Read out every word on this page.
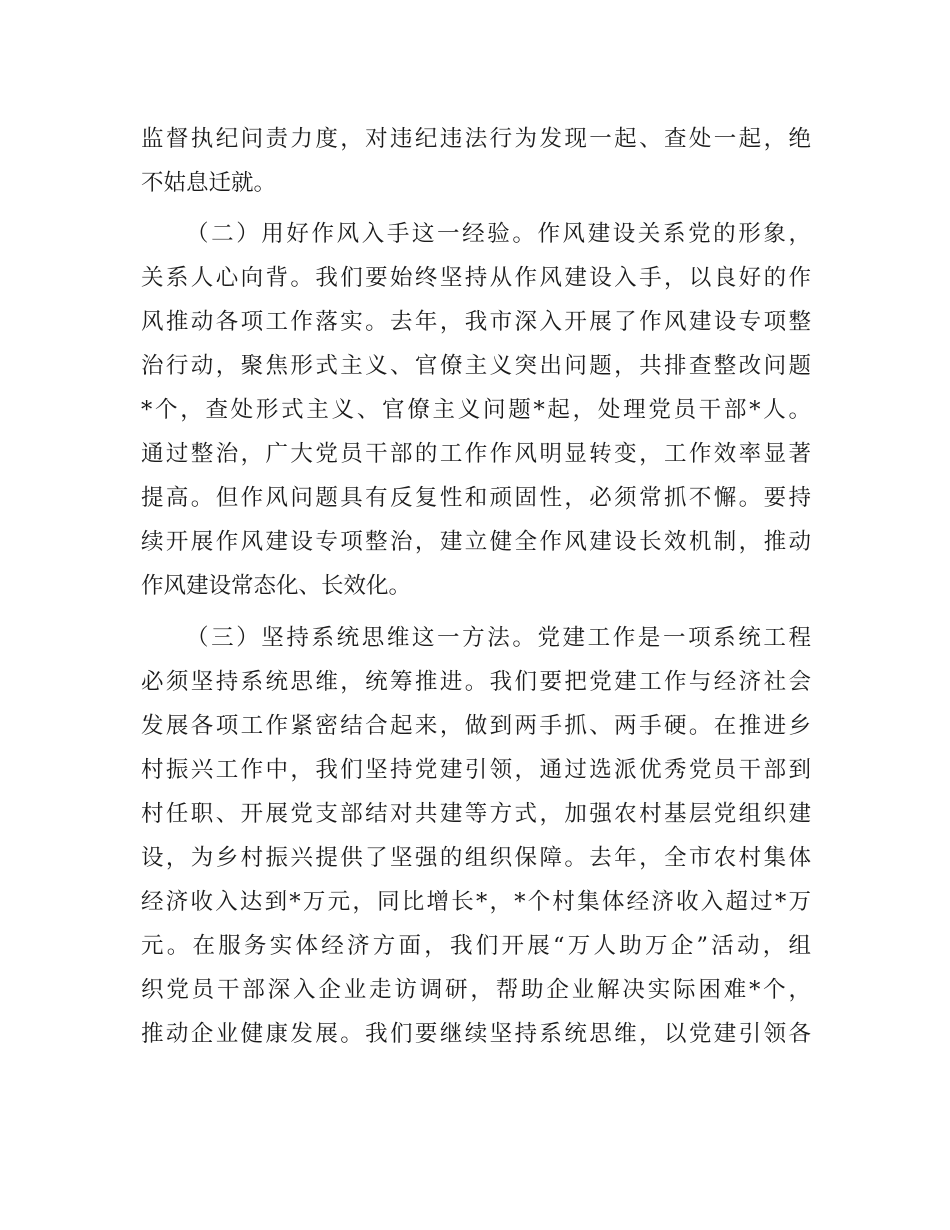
监督执纪问责力度，对违纪违法行为发现一起、查处一起，绝
不姑息迁就。
（二）用好作风入手这一经验。作风建设关系党的形象，
关系人心向背。我们要始终坚持从作风建设入手，以良好的作
风推动各项工作落实。去年，我市深入开展了作风建设专项整
治行动，聚焦形式主义、官僚主义突出问题，共排查整改问题
*个，查处形式主义、官僚主义问题*起，处理党员干部*人。
通过整治，广大党员干部的工作作风明显转变，工作效率显著
提高。但作风问题具有反复性和顽固性，必须常抓不懈。要持
续开展作风建设专项整治，建立健全作风建设长效机制，推动
作风建设常态化、长效化。
（三）坚持系统思维这一方法。党建工作是一项系统工程
必须坚持系统思维，统筹推进。我们要把党建工作与经济社会
发展各项工作紧密结合起来，做到两手抓、两手硬。在推进乡
村振兴工作中，我们坚持党建引领，通过选派优秀党员干部到
村任职、开展党支部结对共建等方式，加强农村基层党组织建
设，为乡村振兴提供了坚强的组织保障。去年，全市农村集体
经济收入达到*万元，同比增长*，*个村集体经济收入超过*万
元。在服务实体经济方面，我们开展“万人助万企”活动，组
织党员干部深入企业走访调研，帮助企业解决实际困难*个，
推动企业健康发展。我们要继续坚持系统思维，以党建引领各
